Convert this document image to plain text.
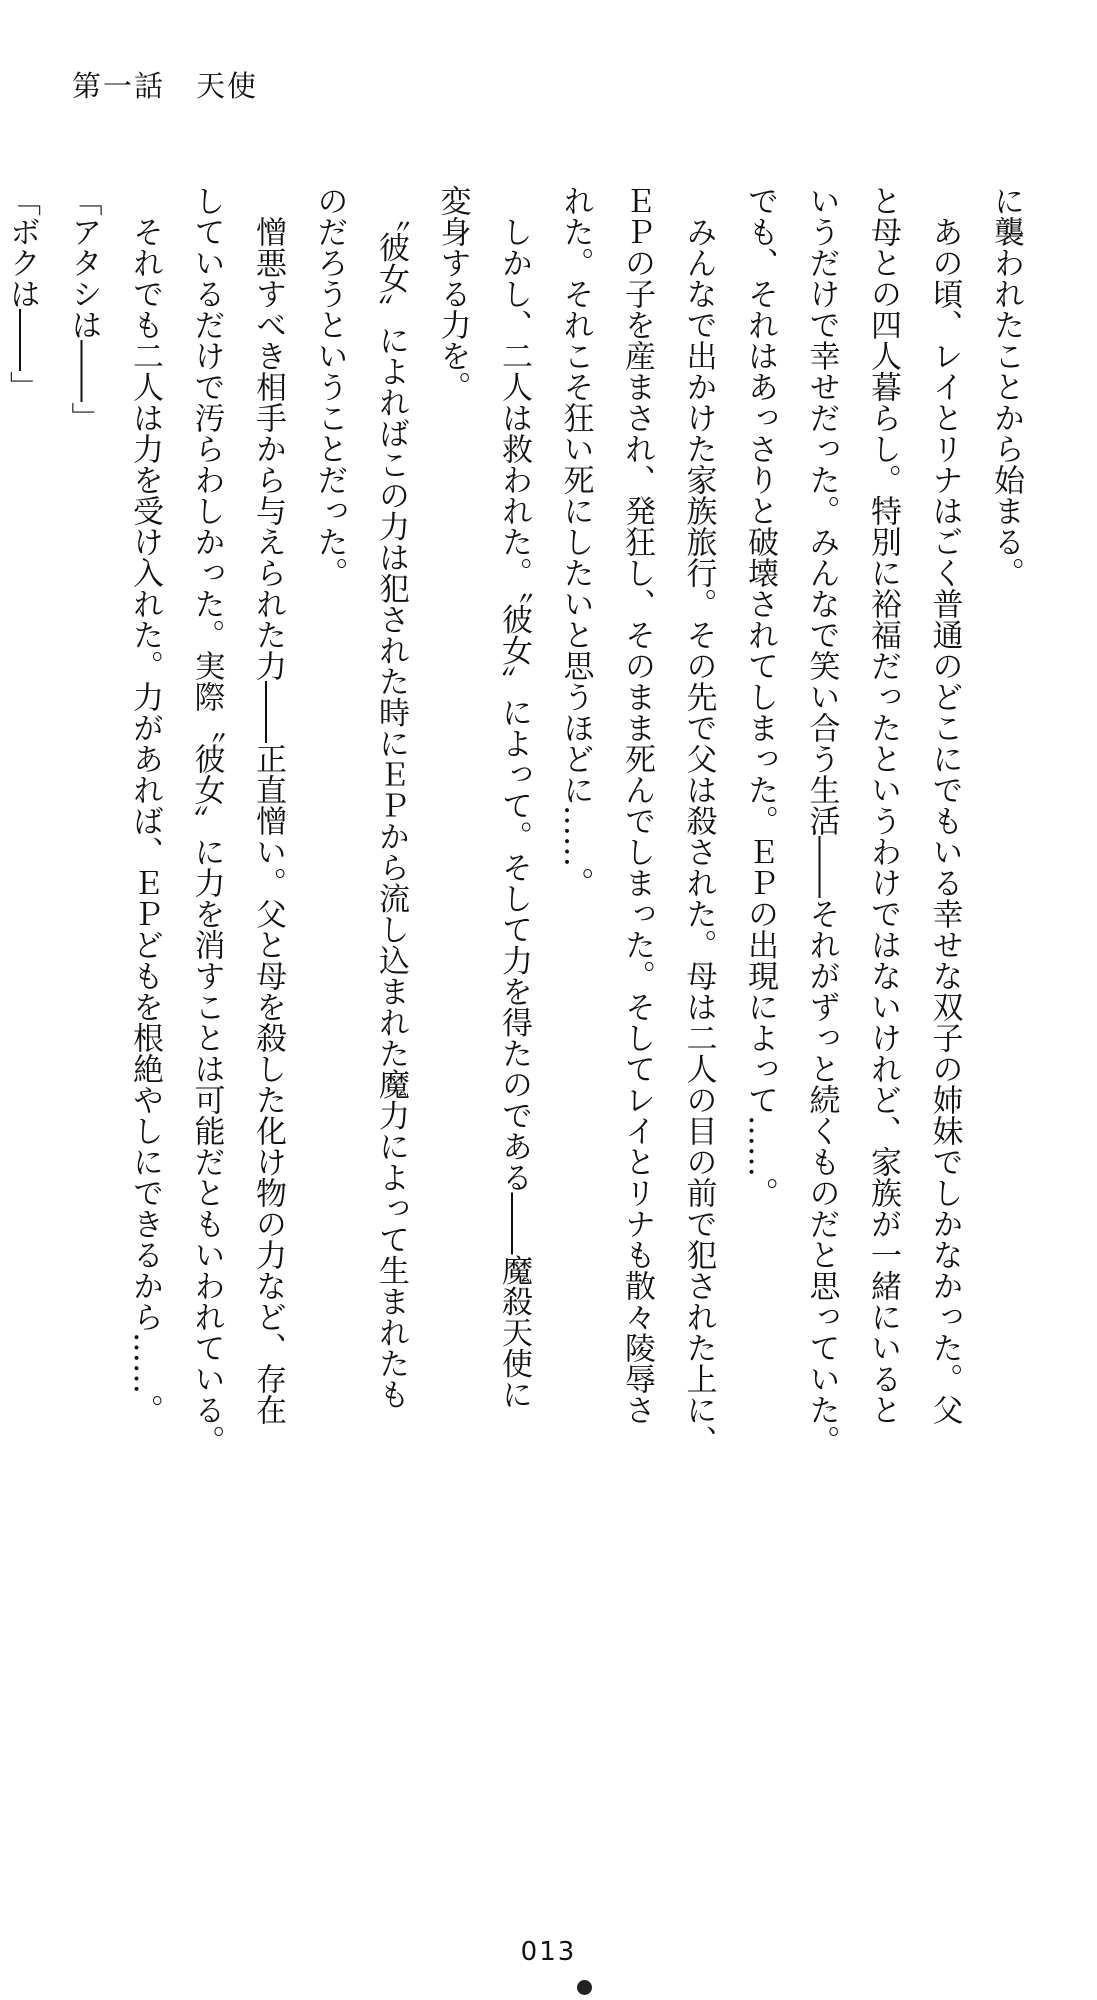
第一話　天使
に襲われたことから始まる。
　あの頃、レイとリナはごく普通のどこにでもいる幸せな双子の姉妹でしかなかった。父
と母との四人暮らし。特別に裕福だったというわけではないけれど、家族が一緒にいると
いうだけで幸せだった。みんなで笑い合う生活――それがずっと続くものだと思っていた。
でも、それはあっさりと破壊されてしまった。ＥＰの出現によって……。
　みんなで出かけた家族旅行。その先で父は殺された。母は二人の目の前で犯された上に、
ＥＰの子を産まされ、発狂し、そのまま死んでしまった。そしてレイとリナも散々陵辱さ
れた。それこそ狂い死にしたいと思うほどに……。
　しかし、二人は救われた。〝彼女〟によって。そして力を得たのである――魔殺天使に
変身する力を。
　〝彼女〟によればこの力は犯された時にＥＰから流し込まれた魔力によって生まれたも
のだろうということだった。
　憎悪すべき相手から与えられた力――正直憎い。父と母を殺した化け物の力など、存在
しているだけで汚らわしかった。実際〝彼女〟に力を消すことは可能だともいわれている。
　それでも二人は力を受け入れた。力があれば、ＥＰどもを根絶やしにできるから……。
「アタシは――」
「ボクは――」
013
